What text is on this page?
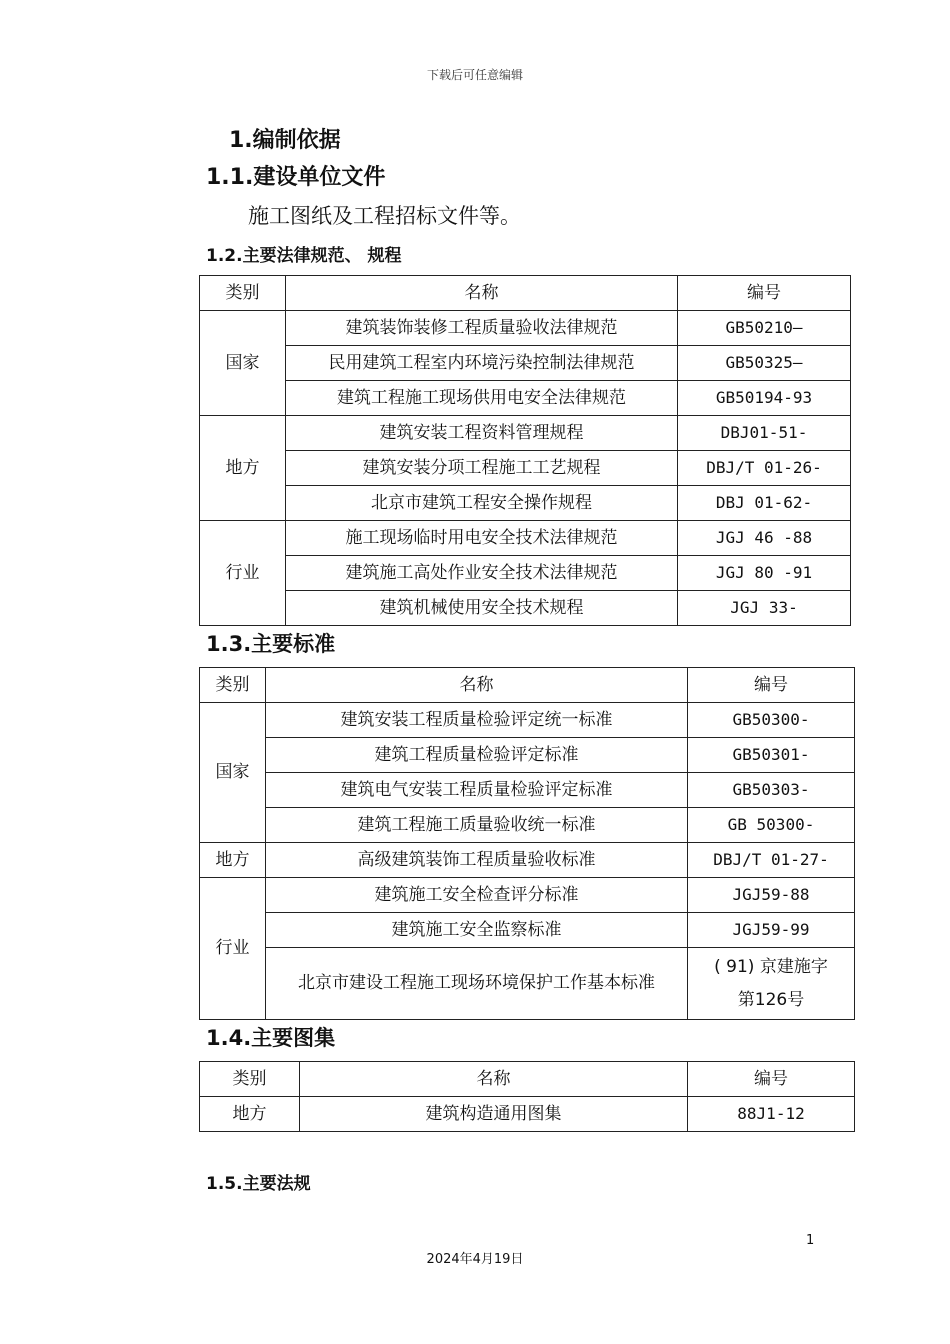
下载后可任意编辑
1.编制依据
1.1.建设单位文件
施工图纸及工程招标文件等。
1.2.主要法律规范、 规程
类别	名称	编号
国家	建筑装饰装修工程质量验收法律规范	GB50210—
	民用建筑工程室内环境污染控制法律规范	GB50325—
	建筑工程施工现场供用电安全法律规范	GB50194-93
地方	建筑安装工程资料管理规程	DBJ01-51-
	建筑安装分项工程施工工艺规程	DBJ/T 01-26-
	北京市建筑工程安全操作规程	DBJ 01-62-
行业	施工现场临时用电安全技术法律规范	JGJ 46 -88
	建筑施工高处作业安全技术法律规范	JGJ 80 -91
	建筑机械使用安全技术规程	JGJ 33-
1.3.主要标准
类别	名称	编号
国家	建筑安装工程质量检验评定统一标准	GB50300-
	建筑工程质量检验评定标准	GB50301-
	建筑电气安装工程质量检验评定标准	GB50303-
	建筑工程施工质量验收统一标准	GB 50300-
地方	高级建筑装饰工程质量验收标准	DBJ/T 01-27-
行业	建筑施工安全检查评分标准	JGJ59-88
	建筑施工安全监察标准	JGJ59-99
	北京市建设工程施工现场环境保护工作基本标准	( 91) 京建施字
第126号
1.4.主要图集
类别	名称	编号
地方	建筑构造通用图集	88J1-12
1.5.主要法规
1
2024年4月19日
